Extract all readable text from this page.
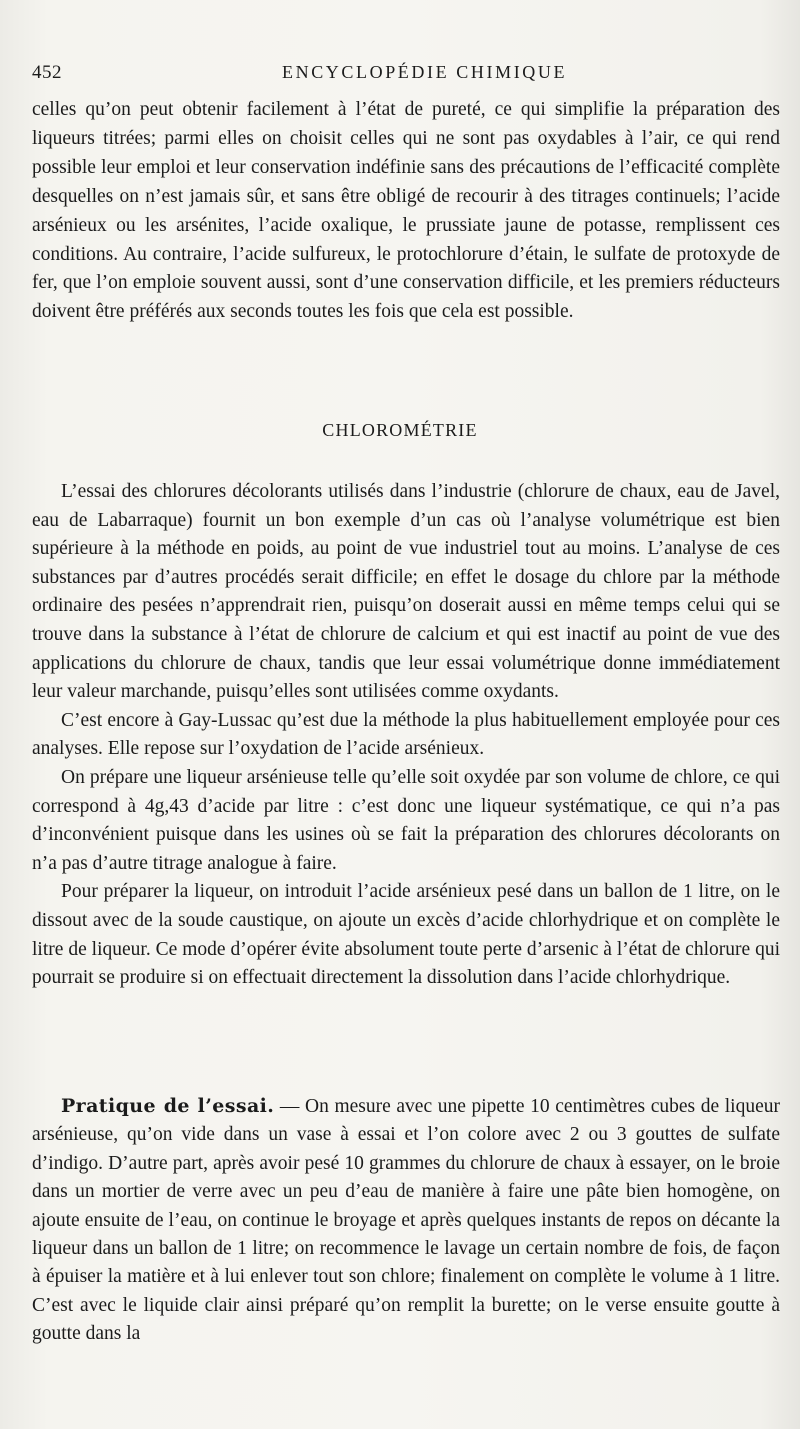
452	ENCYCLOPÉDIE CHIMIQUE

celles qu’on peut obtenir facilement à l’état de pureté, ce qui simplifie la préparation des liqueurs titrées; parmi elles on choisit celles qui ne sont pas oxydables à l’air, ce qui rend possible leur emploi et leur conservation indéfinie sans des précautions de l’efficacité complète desquelles on n’est jamais sûr, et sans être obligé de recourir à des titrages continuels; l’acide arsénieux ou les arsénites, l’acide oxalique, le prussiate jaune de potasse, remplissent ces conditions. Au contraire, l’acide sulfureux, le protochlorure d’étain, le sulfate de protoxyde de fer, que l’on emploie souvent aussi, sont d’une conservation difficile, et les premiers réducteurs doivent être préférés aux seconds toutes les fois que cela est possible.

CHLOROMÉTRIE

L’essai des chlorures décolorants utilisés dans l’industrie (chlorure de chaux, eau de Javel, eau de Labarraque) fournit un bon exemple d’un cas où l’analyse volumétrique est bien supérieure à la méthode en poids, au point de vue industriel tout au moins. L’analyse de ces substances par d’autres procédés serait difficile; en effet le dosage du chlore par la méthode ordinaire des pesées n’apprendrait rien, puisqu’on doserait aussi en même temps celui qui se trouve dans la substance à l’état de chlorure de calcium et qui est inactif au point de vue des applications du chlorure de chaux, tandis que leur essai volumétrique donne immédiatement leur valeur marchande, puisqu’elles sont utilisées comme oxydants.

C’est encore à Gay-Lussac qu’est due la méthode la plus habituellement employée pour ces analyses. Elle repose sur l’oxydation de l’acide arsénieux.

On prépare une liqueur arsénieuse telle qu’elle soit oxydée par son volume de chlore, ce qui correspond à 4g,43 d’acide par litre : c’est donc une liqueur systématique, ce qui n’a pas d’inconvénient puisque dans les usines où se fait la préparation des chlorures décolorants on n’a pas d’autre titrage analogue à faire.

Pour préparer la liqueur, on introduit l’acide arsénieux pesé dans un ballon de 1 litre, on le dissout avec de la soude caustique, on ajoute un excès d’acide chlorhydrique et on complète le litre de liqueur. Ce mode d’opérer évite absolument toute perte d’arsenic à l’état de chlorure qui pourrait se produire si on effectuait directement la dissolution dans l’acide chlorhydrique.

Pratique de l’essai. — On mesure avec une pipette 10 centimètres cubes de liqueur arsénieuse, qu’on vide dans un vase à essai et l’on colore avec 2 ou 3 gouttes de sulfate d’indigo. D’autre part, après avoir pesé 10 grammes du chlorure de chaux à essayer, on le broie dans un mortier de verre avec un peu d’eau de manière à faire une pâte bien homogène, on ajoute ensuite de l’eau, on continue le broyage et après quelques instants de repos on décante la liqueur dans un ballon de 1 litre; on recommence le lavage un certain nombre de fois, de façon à épuiser la matière et à lui enlever tout son chlore; finalement on complète le volume à 1 litre. C’est avec le liquide clair ainsi préparé qu’on remplit la burette; on le verse ensuite goutte à goutte dans la
